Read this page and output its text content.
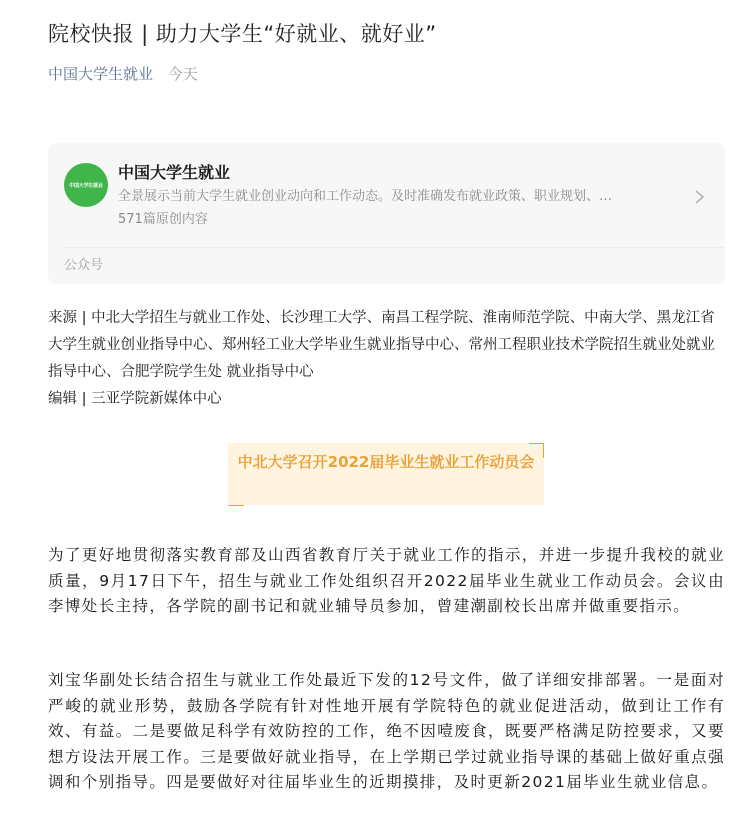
院校快报 | 助力大学生“好就业、就好业”
中国大学生就业 今天
中国大学生就业
中国大学生就业
全景展示当前大学生就业创业动向和工作动态。及时准确发布就业政策、职业规划、…
571篇原创内容
公众号
来源 | 中北大学招生与就业工作处、长沙理工大学、南昌工程学院、淮南师范学院、中南大学、黑龙江省大学生就业创业指导中心、郑州轻工业大学毕业生就业指导中心、常州工程职业技术学院招生就业处就业指导中心、合肥学院学生处 就业指导中心
编辑 | 三亚学院新媒体中心
中北大学召开2022届毕业生就业工作动员会
为了更好地贯彻落实教育部及山西省教育厅关于就业工作的指示，并进一步提升我校的就业质量，9月17日下午，招生与就业工作处组织召开2022届毕业生就业工作动员会。会议由李博处长主持，各学院的副书记和就业辅导员参加，曾建潮副校长出席并做重要指示。
刘宝华副处长结合招生与就业工作处最近下发的12号文件，做了详细安排部署。一是面对严峻的就业形势，鼓励各学院有针对性地开展有学院特色的就业促进活动，做到让工作有效、有益。二是要做足科学有效防控的工作，绝不因噎废食，既要严格满足防控要求，又要想方设法开展工作。三是要做好就业指导，在上学期已学过就业指导课的基础上做好重点强调和个别指导。四是要做好对往届毕业生的近期摸排，及时更新2021届毕业生就业信息。
